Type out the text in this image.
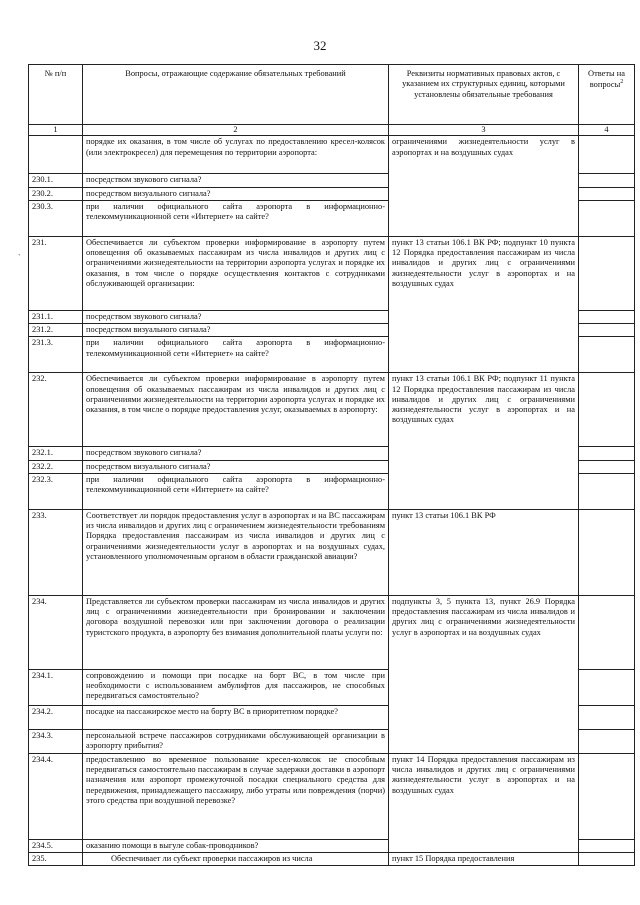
32
`
№ п/п	Вопросы, отражающие содержание обязательных требований	Реквизиты нормативных правовых актов, с указанием их структурных единиц, которыми установлены обязательные требования	Ответы на вопросы$^2$
1	2	3	4
	порядке их оказания, в том числе об услугах по предоставлению кресел-колясок (или электрокресел) для перемещения по территории аэропорта:	ограничениями жизнедеятельности услуг в аэропортах и на воздушных судах	
230.1.	посредством звукового сигнала?		
230.2.	посредством визуального сигнала?		
230.3.	при наличии официального сайта аэропорта в информационно-телекоммуникационной сети «Интернет» на сайте?		
231.	Обеспечивается ли субъектом проверки информирование в аэропорту путем оповещения об оказываемых пассажирам из числа инвалидов и других лиц с ограничениями жизнедеятельности на территории аэропорта услугах и порядке их оказания, в том числе о порядке осуществления контактов с сотрудниками обслуживающей организации:	пункт 13 статьи 106.1 ВК РФ; подпункт 10 пункта 12 Порядка предоставления пассажирам из числа инвалидов и других лиц с ограничениями жизнедеятельности услуг в аэропортах и на воздушных судах	
231.1.	посредством звукового сигнала?		
231.2.	посредством визуального сигнала?		
231.3.	при наличии официального сайта аэропорта в информационно-телекоммуникационной сети «Интернет» на сайте?		
232.	Обеспечивается ли субъектом проверки информирование в аэропорту путем оповещения об оказываемых пассажирам из числа инвалидов и других лиц с ограничениями жизнедеятельности на территории аэропорта услугах и порядке их оказания, в том числе о порядке предоставления услуг, оказываемых в аэропорту:	пункт 13 статьи 106.1 ВК РФ; подпункт 11 пункта 12 Порядка предоставления пассажирам из числа инвалидов и других лиц с ограничениями жизнедеятельности услуг в аэропортах и на воздушных судах	
232.1.	посредством звукового сигнала?		
232.2.	посредством визуального сигнала?		
232.3.	при наличии официального сайта аэропорта в информационно-телекоммуникационной сети «Интернет» на сайте?		
233.	Соответствует ли порядок предоставления услуг в аэропортах и на ВС пассажирам из числа инвалидов и других лиц с ограничением жизнедеятельности требованиям Порядка предоставления пассажирам из числа инвалидов и других лиц с ограничениями жизнедеятельности услуг в аэропортах и на воздушных судах, установленного уполномоченным органом в области гражданской авиации?	пункт 13 статьи 106.1 ВК РФ	
234.	Представляется ли субъектом проверки пассажирам из числа инвалидов и других лиц с ограничениями жизнедеятельности при бронировании и заключении договора воздушной перевозки или при заключении договора о реализации туристского продукта, в аэропорту без взимания дополнительной платы услуги по:	подпункты 3, 5 пункта 13, пункт 26.9 Порядка предоставления пассажирам из числа инвалидов и других лиц с ограничениями жизнедеятельности услуг в аэропортах и на воздушных судах	
234.1.	сопровождению и помощи при посадке на борт ВС, в том числе при необходимости с использованием амбулифтов для пассажиров, не способных передвигаться самостоятельно?		
234.2.	посадке на пассажирское место на борту ВС в приоритетном порядке?		
234.3.	персональной встрече пассажиров сотрудниками обслуживающей организации в аэропорту прибытия?		
234.4.	предоставлению во временное пользование кресел-колясок не способным передвигаться самостоятельно пассажирам в случае задержки доставки в аэропорт назначения или аэропорт промежуточной посадки специального средства для передвижения, принадлежащего пассажиру, либо утраты или повреждения (порчи) этого средства при воздушной перевозке?	пункт 14 Порядка предоставления пассажирам из числа инвалидов и других лиц с ограничениями жизнедеятельности услуг в аэропортах и на воздушных судах	
234.5.	оказанию помощи в выгуле собак-проводников?		
235.	Обеспечивает ли субъект проверки пассажиров из числа	пункт 15 Порядка предоставления	
